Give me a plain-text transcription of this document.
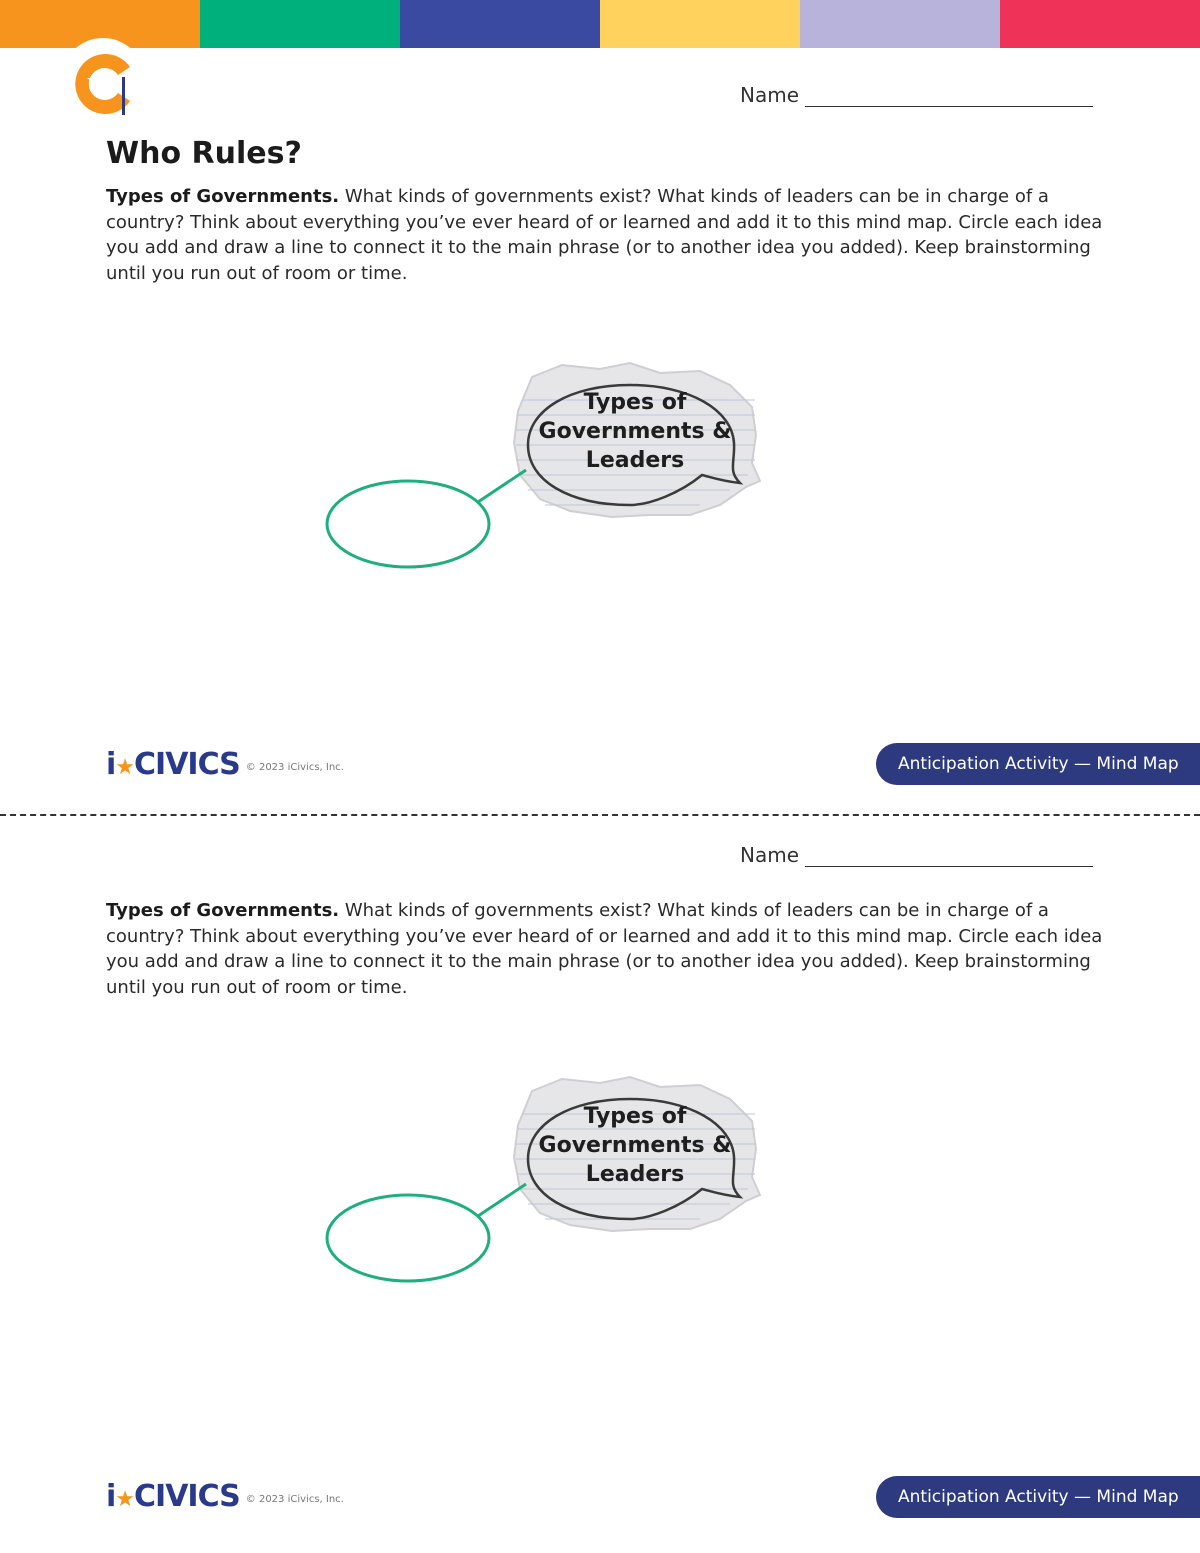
Name
Who Rules?

Types of Governments. What kinds of governments exist? What kinds of leaders can be in charge of a country? Think about everything you’ve ever heard of or learned and add it to this mind map. Circle each idea you add and draw a line to connect it to the main phrase (or to another idea you added). Keep brainstorming until you run out of room or time.

Types of
Governments &
Leaders
i★CIVICS © 2023 iCivics, Inc.	Anticipation Activity — Mind Map
Name

Types of Governments. What kinds of governments exist? What kinds of leaders can be in charge of a country? Think about everything you’ve ever heard of or learned and add it to this mind map. Circle each idea you add and draw a line to connect it to the main phrase (or to another idea you added). Keep brainstorming until you run out of room or time.

Types of
Governments &
Leaders
i★CIVICS © 2023 iCivics, Inc.	Anticipation Activity — Mind Map
